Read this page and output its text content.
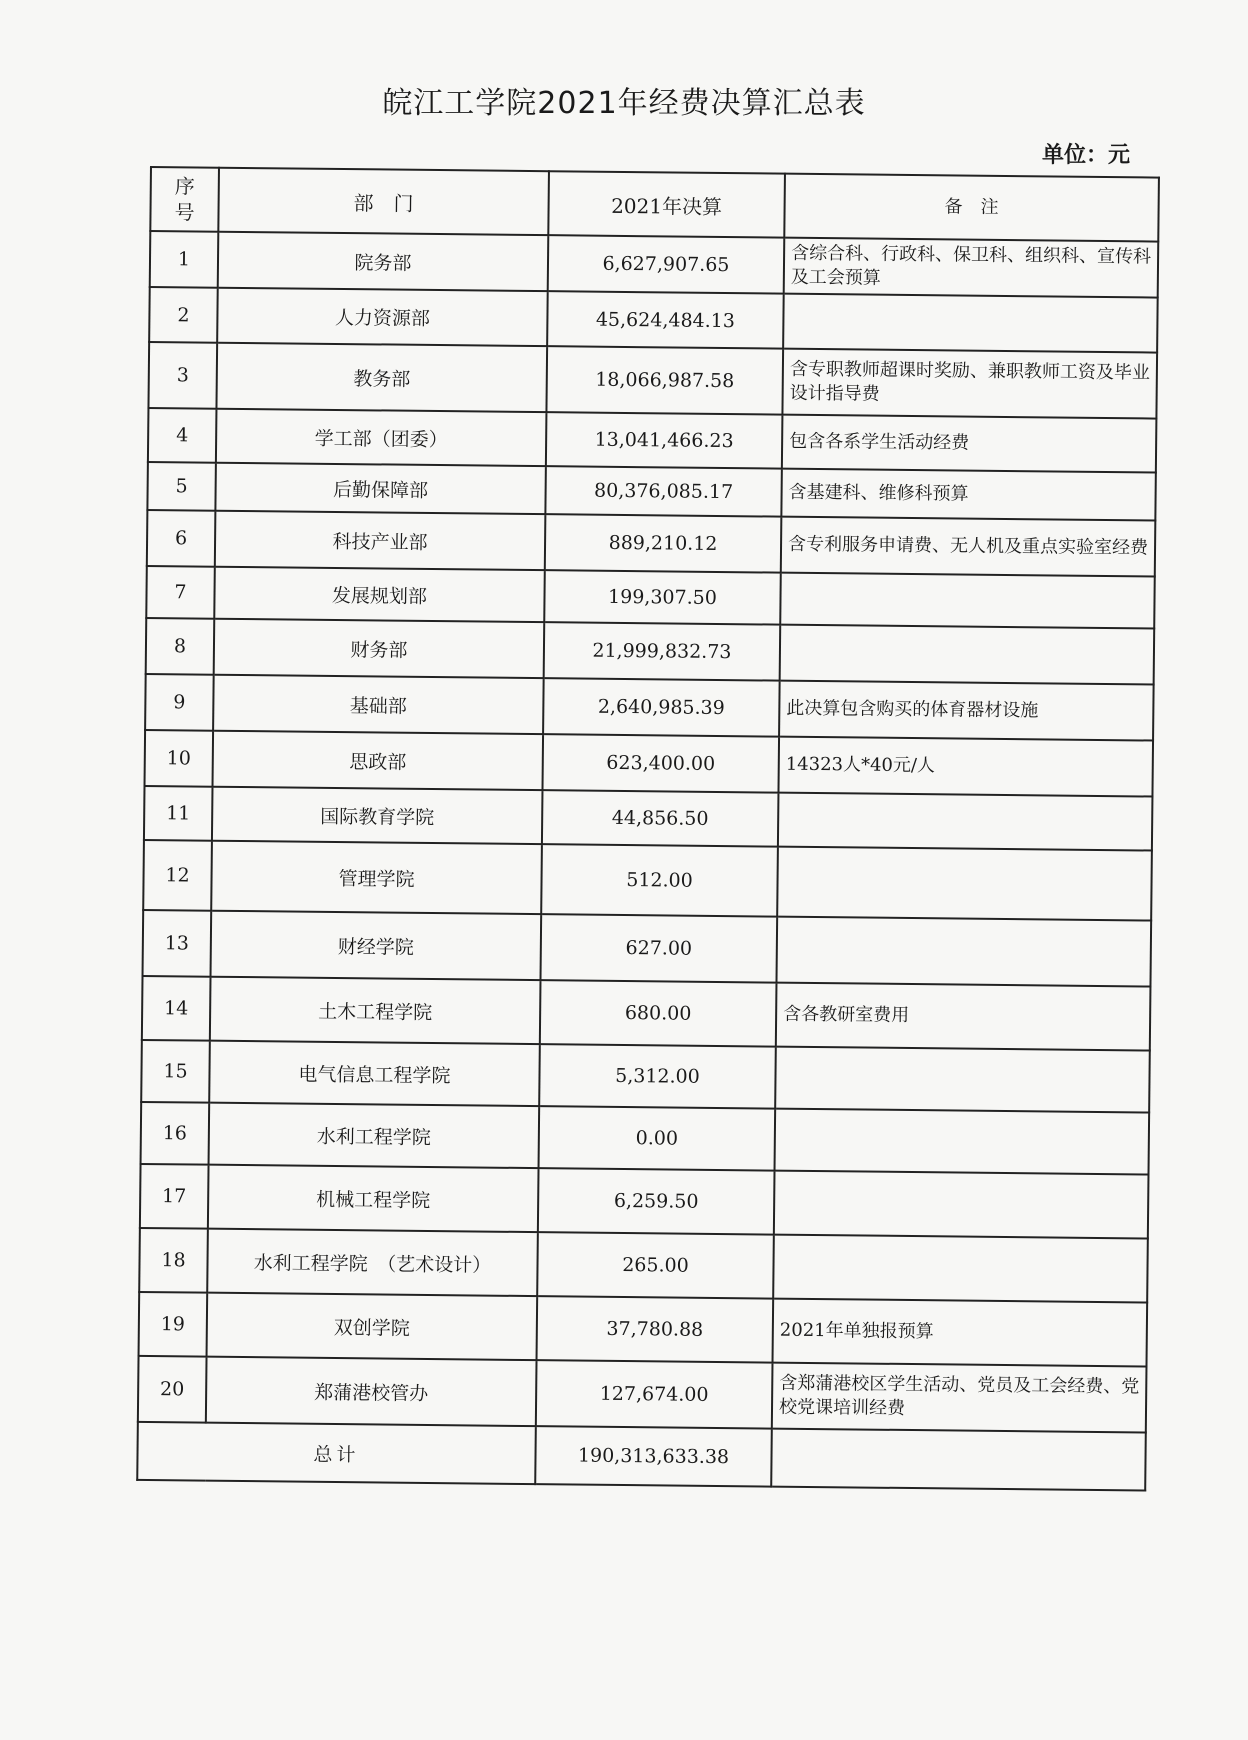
皖江工学院2021年经费决算汇总表
单位：元
序
号	部　门	2021年决算	备　注
1	院务部	6,627,907.65	含综合科、行政科、保卫科、组织科、宣传科及工会预算
2	人力资源部	45,624,484.13	
3	教务部	18,066,987.58	含专职教师超课时奖励、兼职教师工资及毕业设计指导费
4	学工部（团委）	13,041,466.23	包含各系学生活动经费
5	后勤保障部	80,376,085.17	含基建科、维修科预算
6	科技产业部	889,210.12	含专利服务申请费、无人机及重点实验室经费
7	发展规划部	199,307.50	
8	财务部	21,999,832.73	
9	基础部	2,640,985.39	此决算包含购买的体育器材设施
10	思政部	623,400.00	14323人*40元/人
11	国际教育学院	44,856.50	
12	管理学院	512.00	
13	财经学院	627.00	
14	土木工程学院	680.00	含各教研室费用
15	电气信息工程学院	5,312.00	
16	水利工程学院	0.00	
17	机械工程学院	6,259.50	
18	水利工程学院　（艺术设计）	265.00	
19	双创学院	37,780.88	2021年单独报预算
20	郑蒲港校管办	127,674.00	含郑蒲港校区学生活动、党员及工会经费、党校党课培训经费
总计		190,313,633.38	
